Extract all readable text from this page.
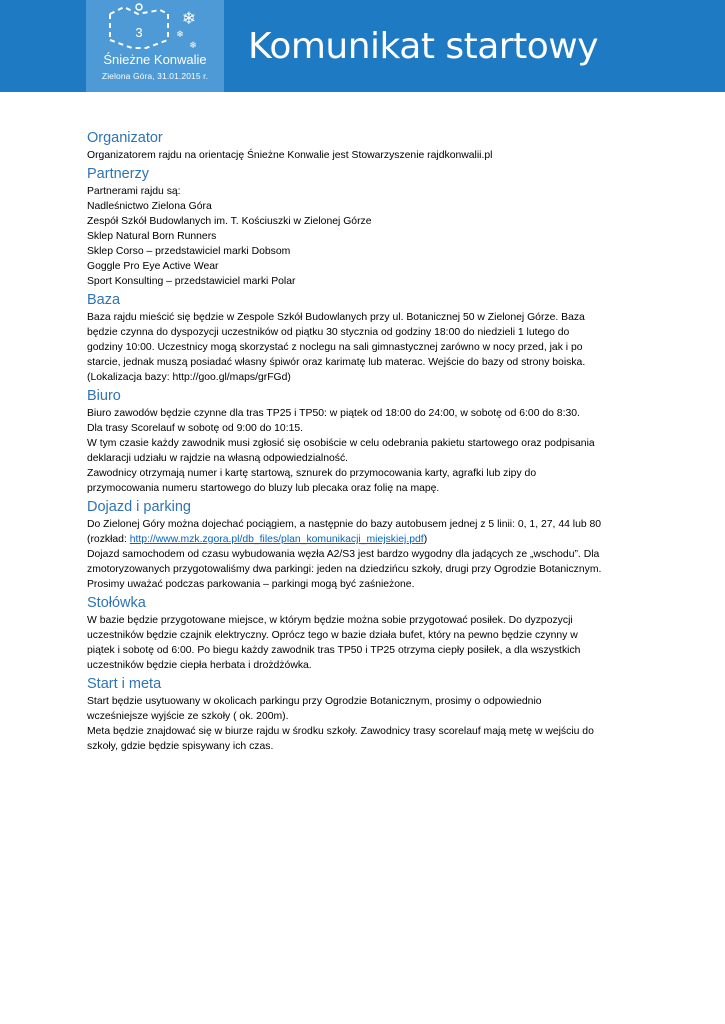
3
❄
❄
❄
Śnieżne Konwalie
Zielona Góra, 31.01.2015 r.
Komunikat startowy
Organizator

Organizatorem rajdu na orientację Śnieżne Konwalie jest Stowarzyszenie rajdkonwalii.pl

Partnerzy

Partnerami rajdu są:

Nadleśnictwo Zielona Góra

Zespół Szkół Budowlanych im. T. Kościuszki w Zielonej Górze

Sklep Natural Born Runners

Sklep Corso – przedstawiciel marki Dobsom

Goggle Pro Eye Active Wear

Sport Konsulting – przedstawiciel marki Polar

Baza

Baza rajdu mieścić się będzie w Zespole Szkół Budowlanych przy ul. Botanicznej 50 w Zielonej Górze. Baza

będzie czynna do dyspozycji uczestników od piątku 30 stycznia od godziny 18:00 do niedzieli 1 lutego do

godziny 10:00. Uczestnicy mogą skorzystać z noclegu na sali gimnastycznej zarówno w nocy przed, jak i po

starcie, jednak muszą posiadać własny śpiwór oraz karimatę lub materac. Wejście do bazy od strony boiska.

(Lokalizacja bazy: http://goo.gl/maps/grFGd)

Biuro

Biuro zawodów będzie czynne dla tras TP25 i TP50: w piątek od 18:00 do 24:00, w sobotę od 6:00 do 8:30.

Dla trasy Scorelauf w sobotę od 9:00 do 10:15.

W tym czasie każdy zawodnik musi zgłosić się osobiście w celu odebrania pakietu startowego oraz podpisania

deklaracji udziału w rajdzie na własną odpowiedzialność.

Zawodnicy otrzymają numer i kartę startową, sznurek do przymocowania karty, agrafki lub zipy do

przymocowania numeru startowego do bluzy lub plecaka oraz folię na mapę.

Dojazd i parking

Do Zielonej Góry można dojechać pociągiem, a następnie do bazy autobusem jednej z 5 linii: 0, 1, 27, 44 lub 80

(rozkład: http://www.mzk.zgora.pl/db_files/plan_komunikacji_miejskiej.pdf)

Dojazd samochodem od czasu wybudowania węzła A2/S3 jest bardzo wygodny dla jadących ze „wschodu”. Dla

zmotoryzowanych przygotowaliśmy dwa parkingi: jeden na dziedzińcu szkoły, drugi przy Ogrodzie Botanicznym.

Prosimy uważać podczas parkowania – parkingi mogą być zaśnieżone.

Stołówka

W bazie będzie przygotowane miejsce, w którym będzie można sobie przygotować posiłek. Do dyzpozycji

uczestników będzie czajnik elektryczny. Oprócz tego w bazie działa bufet, który na pewno będzie czynny w

piątek i sobotę od 6:00. Po biegu każdy zawodnik tras TP50 i TP25 otrzyma ciepły posiłek, a dla wszystkich

uczestników będzie ciepła herbata i drożdżówka.

Start i meta

Start będzie usytuowany w okolicach parkingu przy Ogrodzie Botanicznym, prosimy o odpowiednio

wcześniejsze wyjście ze szkoły ( ok. 200m).

Meta będzie znajdować się w biurze rajdu w środku szkoły. Zawodnicy trasy scorelauf mają metę w wejściu do

szkoły, gdzie będzie spisywany ich czas.
